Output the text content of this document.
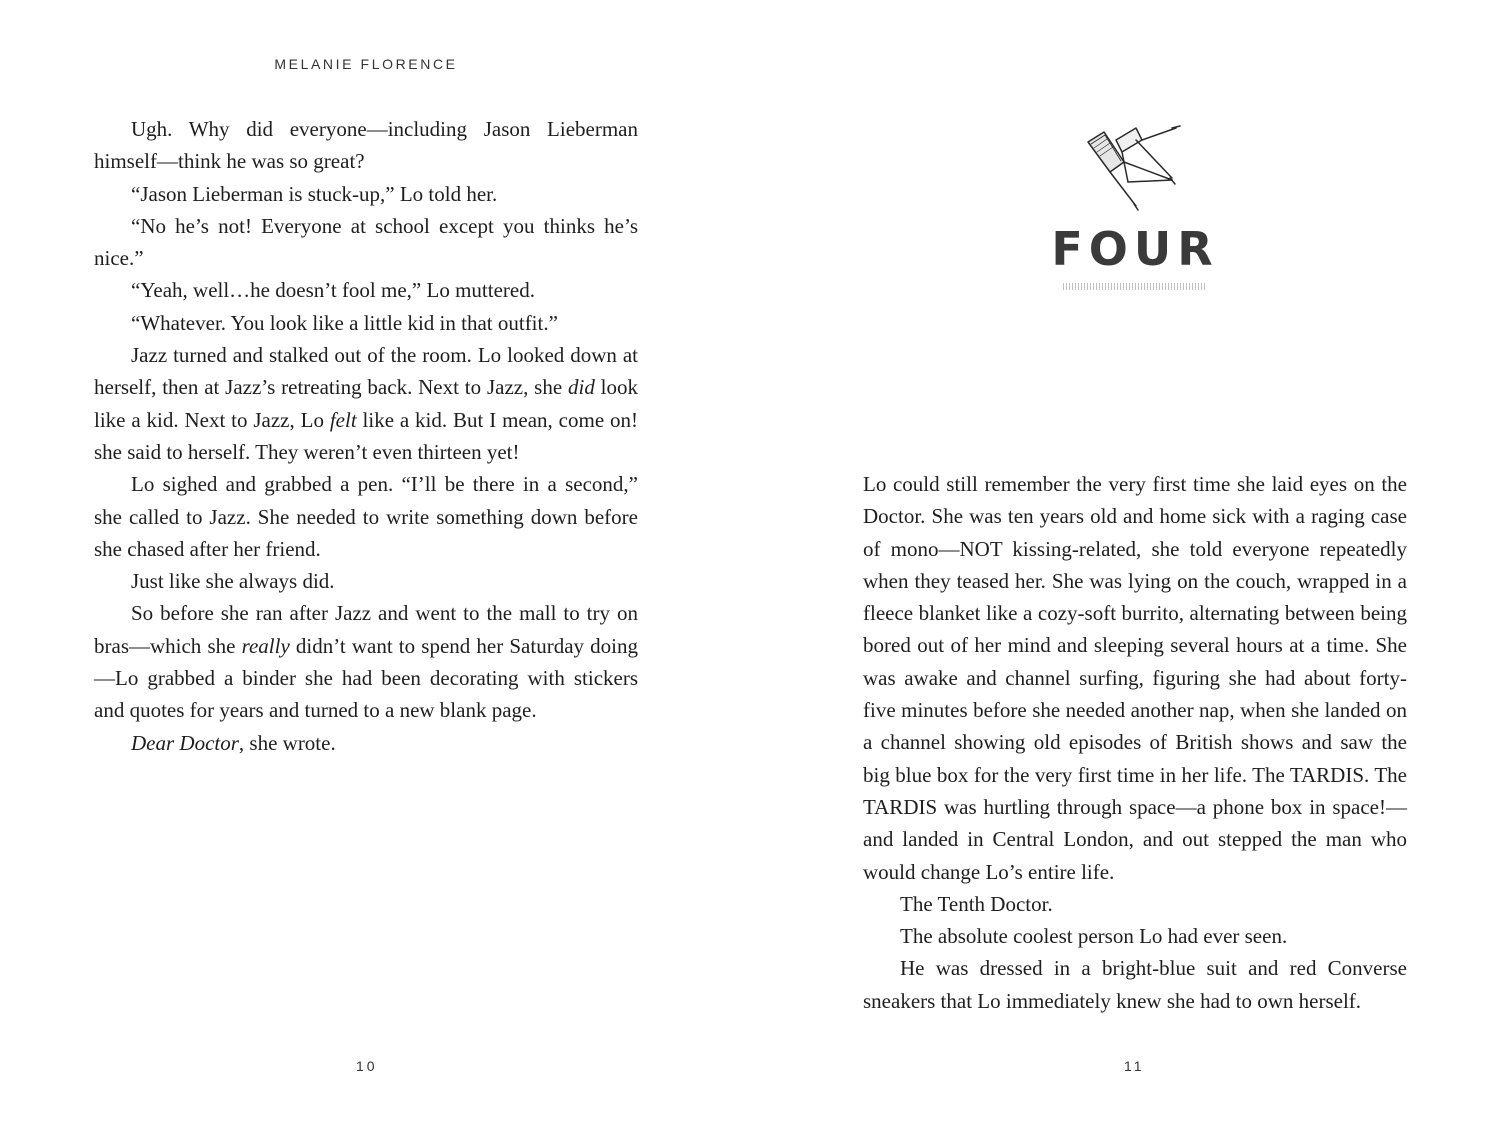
MELANIE FLORENCE

Ugh. Why did everyone—including Jason Lieberman himself—think he was so great?

“Jason Lieberman is stuck-up,” Lo told her.

“No he’s not! Everyone at school except you thinks he’s nice.”

“Yeah, well…he doesn’t fool me,” Lo muttered.

“Whatever. You look like a little kid in that outfit.”

Jazz turned and stalked out of the room. Lo looked down at herself, then at Jazz’s retreating back. Next to Jazz, she did look like a kid. Next to Jazz, Lo felt like a kid. But I mean, come on! she said to herself. They weren’t even thirteen yet!

Lo sighed and grabbed a pen. “I’ll be there in a second,” she called to Jazz. She needed to write something down before she chased after her friend.

Just like she always did.

So before she ran after Jazz and went to the mall to try on bras—which she really didn’t want to spend her Saturday doing—Lo grabbed a binder she had been decorating with stickers and quotes for years and turned to a new blank page.

Dear Doctor, she wrote.

10
FOUR

Lo could still remember the very first time she laid eyes on the Doctor. She was ten years old and home sick with a raging case of mono—NOT kissing-related, she told everyone repeatedly when they teased her. She was lying on the couch, wrapped in a fleece blanket like a cozy-soft burrito, alternating between being bored out of her mind and sleeping several hours at a time. She was awake and channel surfing, figuring she had about forty-five minutes before she needed another nap, when she landed on a channel showing old episodes of British shows and saw the big blue box for the very first time in her life. The TARDIS. The TARDIS was hurtling through space—a phone box in space!—and landed in Central London, and out stepped the man who would change Lo’s entire life.

The Tenth Doctor.

The absolute coolest person Lo had ever seen.

He was dressed in a bright-blue suit and red Converse sneakers that Lo immediately knew she had to own herself.

11
